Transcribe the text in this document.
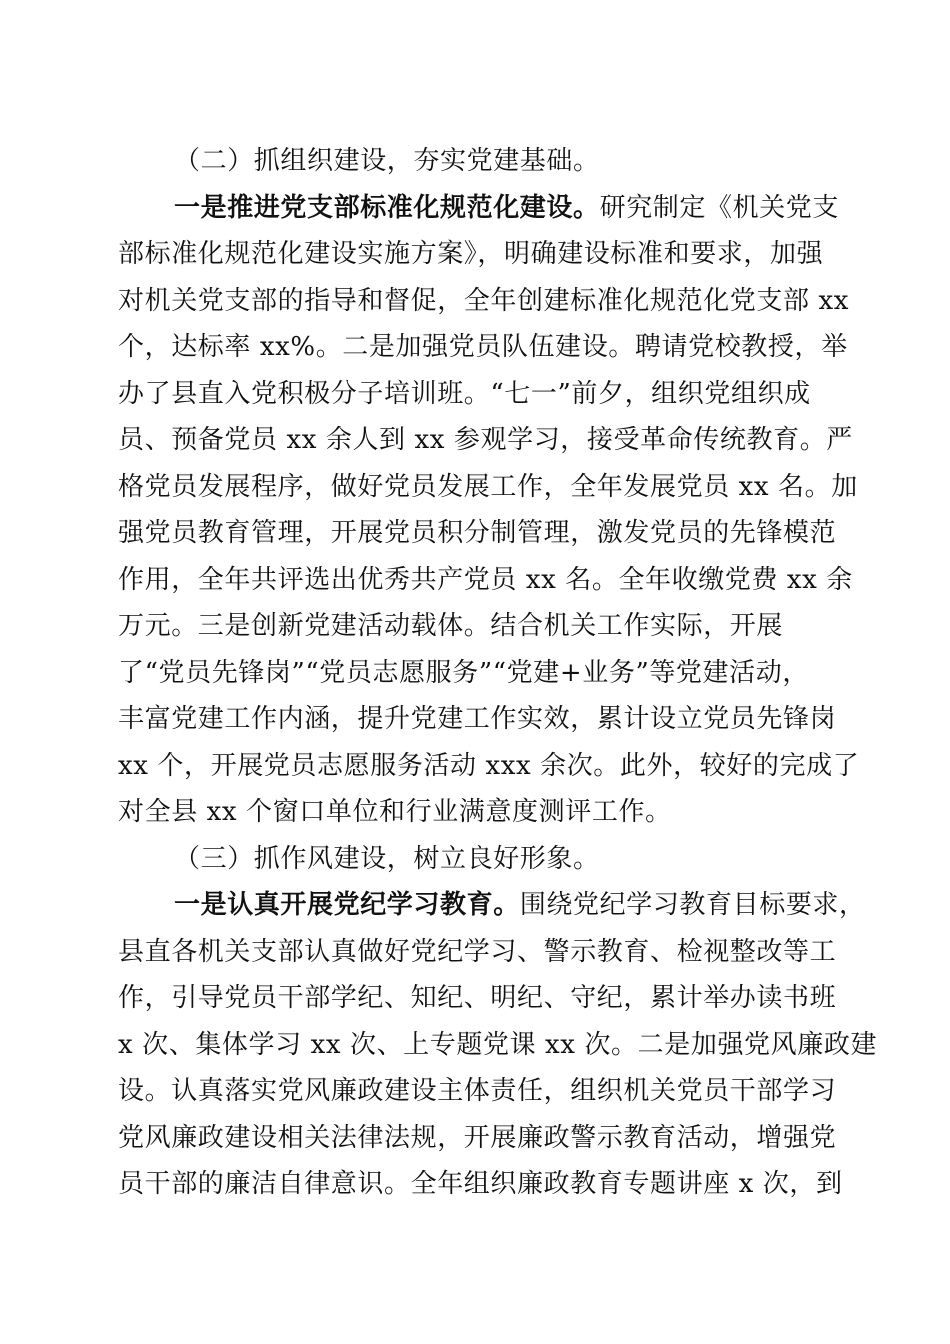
（二）抓组织建设，夯实党建基础。
一是推进党支部标准化规范化建设。研究制定《机关党支
部标准化规范化建设实施方案》，明确建设标准和要求，加强
对机关党支部的指导和督促，全年创建标准化规范化党支部 xx
个，达标率 xx%。二是加强党员队伍建设。聘请党校教授，举
办了县直入党积极分子培训班。“七一”前夕，组织党组织成
员、预备党员 xx 余人到 xx 参观学习，接受革命传统教育。严
格党员发展程序，做好党员发展工作，全年发展党员 xx 名。加
强党员教育管理，开展党员积分制管理，激发党员的先锋模范
作用，全年共评选出优秀共产党员 xx 名。全年收缴党费 xx 余
万元。三是创新党建活动载体。结合机关工作实际，开展
了“党员先锋岗”“党员志愿服务”“党建+业务”等党建活动，
丰富党建工作内涵，提升党建工作实效，累计设立党员先锋岗
xx 个，开展党员志愿服务活动 xxx 余次。此外，较好的完成了
对全县 xx 个窗口单位和行业满意度测评工作。
（三）抓作风建设，树立良好形象。
一是认真开展党纪学习教育。围绕党纪学习教育目标要求，
县直各机关支部认真做好党纪学习、警示教育、检视整改等工
作，引导党员干部学纪、知纪、明纪、守纪，累计举办读书班
x 次、集体学习 xx 次、上专题党课 xx 次。二是加强党风廉政建
设。认真落实党风廉政建设主体责任，组织机关党员干部学习
党风廉政建设相关法律法规，开展廉政警示教育活动，增强党
员干部的廉洁自律意识。全年组织廉政教育专题讲座 x 次，到
